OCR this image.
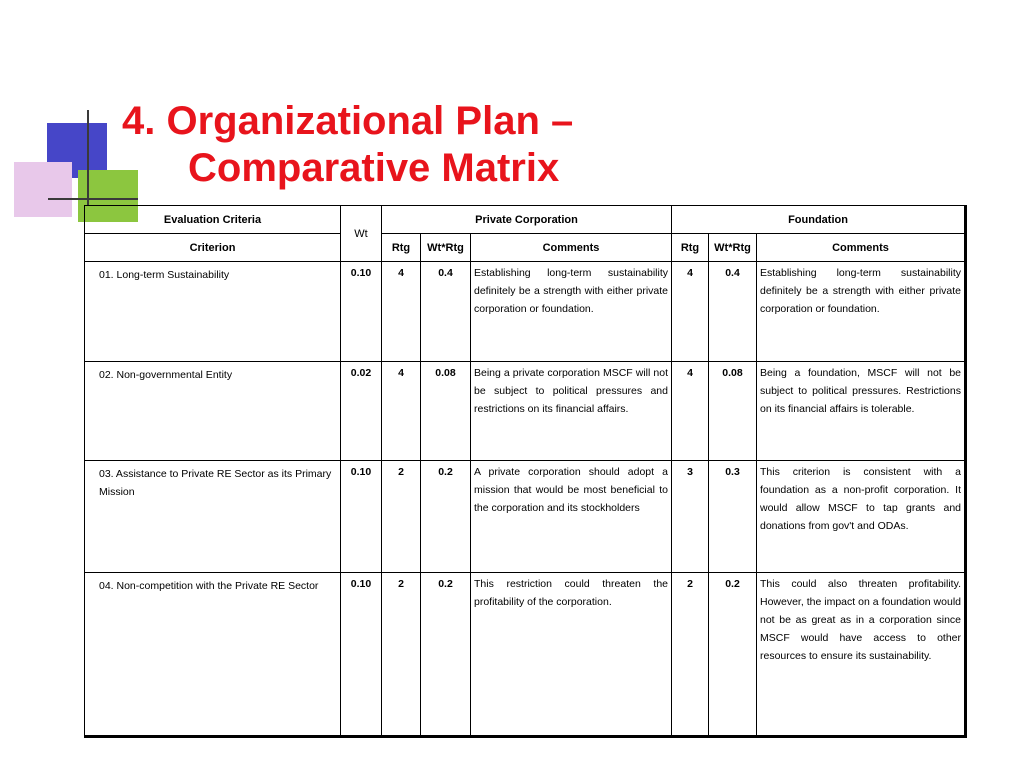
4. Organizational Plan –

Comparative Matrix
Evaluation Criteria	Wt	Private Corporation			Foundation		
Criterion		Rtg	Wt*Rtg	Comments	Rtg	Wt*Rtg	Comments
01. Long-term Sustainability	0.10	4	0.4	Establishing long-term sustainability definitely be a strength with either private corporation or foundation.	4	0.4	Establishing long-term sustainability definitely be a strength with either private corporation or foundation.
02. Non-governmental Entity	0.02	4	0.08	Being a private corporation MSCF will not be subject to political pressures and restrictions on its financial affairs.	4	0.08	Being a foundation, MSCF will not be subject to political pressures. Restrictions on its financial affairs is tolerable.
03. Assistance to Private RE Sector as its Primary Mission	0.10	2	0.2	A private corporation should adopt a mission that would be most beneficial to the corporation and its stockholders	3	0.3	This criterion is consistent with a foundation as a non-profit corporation. It would allow MSCF to tap grants and donations from gov't and ODAs.
04. Non-competition with the Private RE Sector	0.10	2	0.2	This restriction could threaten the profitability of the corporation.	2	0.2	This could also threaten profitability. However, the impact on a foundation would not be as great as in a corporation since MSCF would have access to other resources to ensure its sustainability.
